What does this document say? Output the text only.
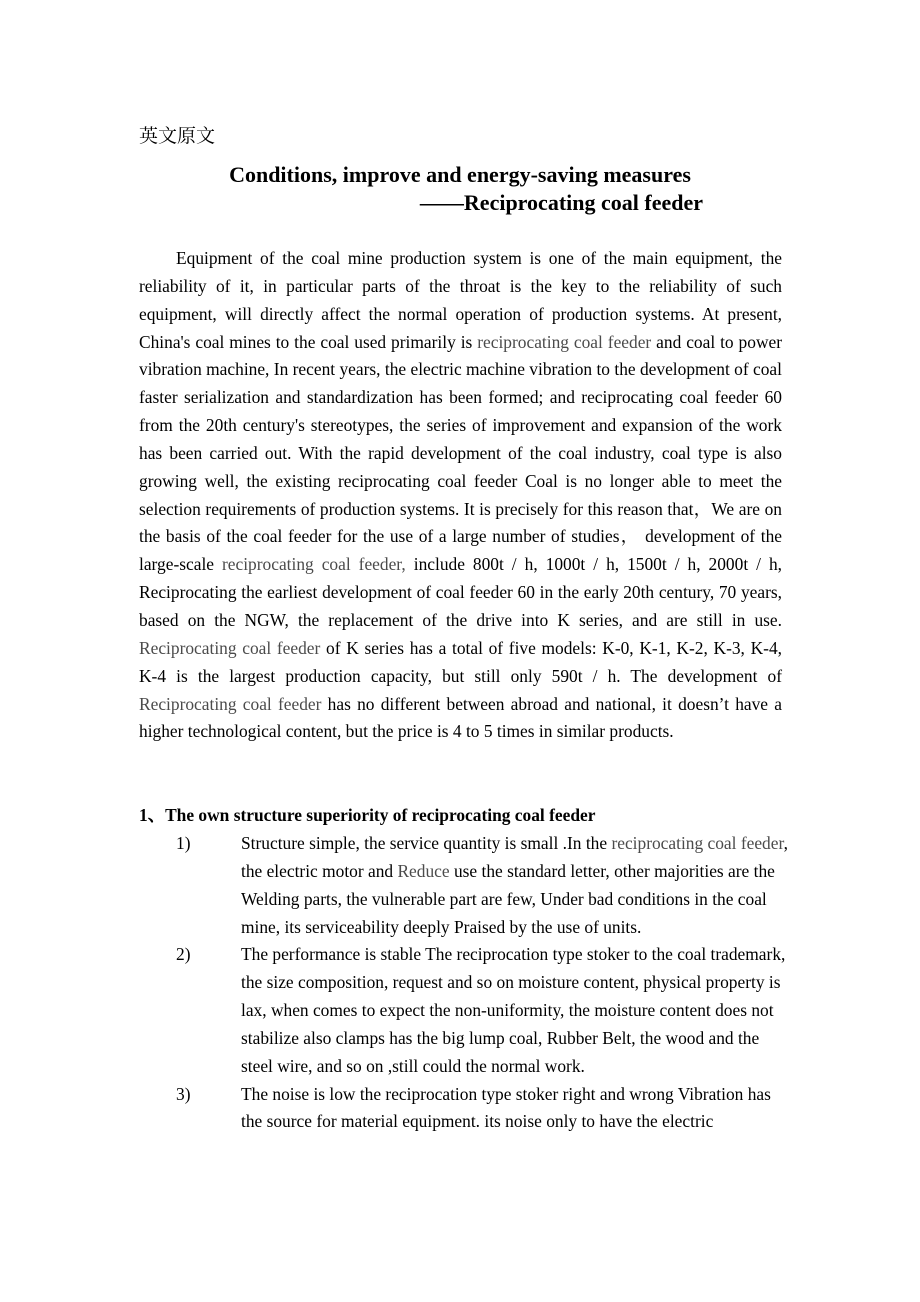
英文原文
Conditions, improve and energy-saving measures
——Reciprocating coal feeder

Equipment of the coal mine production system is one of the main equipment, the reliability of it, in particular parts of the throat is the key to the reliability of such equipment, will directly affect the normal operation of production systems. At present, China's coal mines to the coal used primarily is reciprocating coal feeder and coal to power vibration machine, In recent years, the electric machine vibration to the development of coal faster serialization and standardization has been formed; and reciprocating coal feeder 60 from the 20th century's stereotypes, the series of improvement and expansion of the work has been carried out. With the rapid development of the coal industry, coal type is also growing well, the existing reciprocating coal feeder Coal is no longer able to meet the selection requirements of production systems. It is precisely for this reason that，We are on the basis of the coal feeder for the use of a large number of studies， development of the large-scale reciprocating coal feeder, include 800t / h, 1000t / h, 1500t / h, 2000t / h, Reciprocating the earliest development of coal feeder 60 in the early 20th century, 70 years, based on the NGW, the replacement of the drive into K series, and are still in use. Reciprocating coal feeder of K series has a total of five models: K-0, K-1, K-2, K-3, K-4, K-4 is the largest production capacity, but still only 590t / h. The development of Reciprocating coal feeder has no different between abroad and national, it doesn’t have a higher technological content, but the price is 4 to 5 times in similar products.

1、The own structure superiority of reciprocating coal feeder
1)	Structure simple, the service quantity is small .In the reciprocating coal feeder, the electric motor and Reduce use the standard letter, other majorities are the Welding parts, the vulnerable part are few, Under bad conditions in the coal mine, its serviceability deeply Praised by the use of units.
2)	The performance is stable The reciprocation type stoker to the coal trademark, the size composition, request and so on moisture content, physical property is lax, when comes to expect the non-uniformity, the moisture content does not stabilize also clamps has the big lump coal, Rubber Belt, the wood and the steel wire, and so on ,still could the normal work.
3)	The noise is low the reciprocation type stoker right and wrong Vibration has the source for material equipment. its noise only to have the electric
